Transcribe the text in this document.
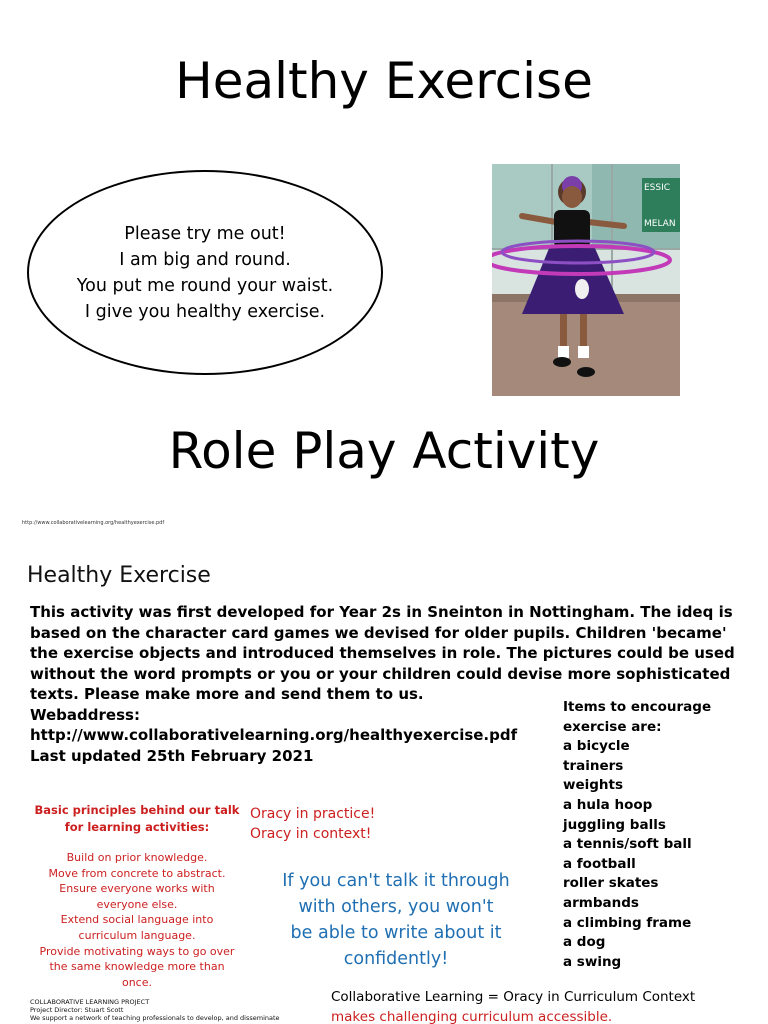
Healthy Exercise
Please try me out!
I am big and round.
You put me round your waist.
I give you healthy exercise.
ESSIC
MELAN
Role Play Activity
http://www.collaborativelearning.org/healthyexercise.pdf
Healthy Exercise
This activity was first developed for Year 2s in Sneinton in Nottingham. The ideq is
based on the character card games we devised for older pupils. Children 'became'
the exercise objects and introduced themselves in role. The pictures could be used
without the word prompts or you or your children could devise more sophisticated
texts. Please make more and send them to us.
Webaddress:
http://www.collaborativelearning.org/healthyexercise.pdf
Last updated 25th February 2021
Items to encourage
exercise are:
a bicycle
trainers
weights
a hula hoop
juggling balls
a tennis/soft ball
a football
roller skates
armbands
a climbing frame
a dog
a swing
Basic principles behind our talk
for learning activities:
Build on prior knowledge.
Move from concrete to abstract.
Ensure everyone works with
everyone else.
Extend social language into
curriculum language.
Provide motivating ways to go over
the same knowledge more than
once.
Oracy in practice!
Oracy in context!
If you can't talk it through
with others, you won't
be able to write about it
confidently!
COLLABORATIVE LEARNING PROJECT
Project Director: Stuart Scott
We support a network of teaching professionals to develop, and disseminate
Collaborative Learning = Oracy in Curriculum Context
makes challenging curriculum accessible.
